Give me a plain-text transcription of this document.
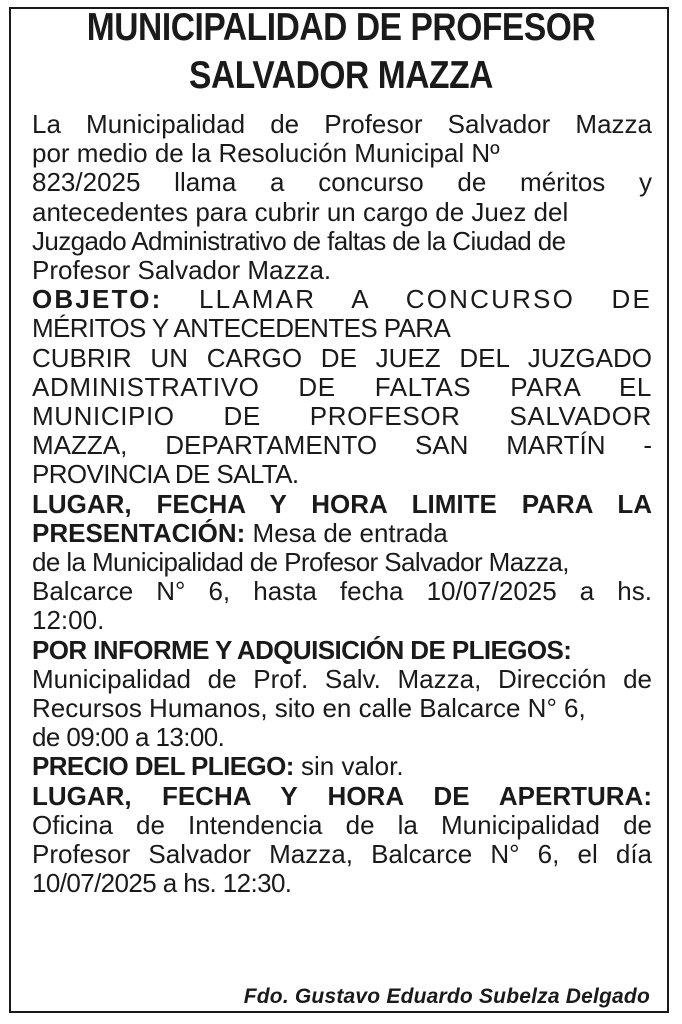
MUNICIPALIDAD DE PROFESOR
SALVADOR MAZZA

La Municipalidad de Profesor Salvador Mazza

por medio de la Resolución Municipal Nº

823/2025 llama a concurso de méritos y

antecedentes para cubrir un cargo de Juez del

Juzgado Administrativo de faltas de la Ciudad de

Profesor Salvador Mazza.

OBJETO: LLAMAR A CONCURSO DE

MÉRITOS Y ANTECEDENTES PARA

CUBRIR UN CARGO DE JUEZ DEL JUZGADO

ADMINISTRATIVO DE FALTAS PARA EL

MUNICIPIO DE PROFESOR SALVADOR

MAZZA, DEPARTAMENTO SAN MARTÍN -

PROVINCIA DE SALTA.

LUGAR, FECHA Y HORA LIMITE PARA LA

PRESENTACIÓN: Mesa de entrada

de la Municipalidad de Profesor Salvador Mazza,

Balcarce N° 6, hasta fecha 10/07/2025 a hs.

12:00.

POR INFORME Y ADQUISICIÓN DE PLIEGOS:

Municipalidad de Prof. Salv. Mazza, Dirección de

Recursos Humanos, sito en calle Balcarce N° 6,

de 09:00 a 13:00.

PRECIO DEL PLIEGO: sin valor.

LUGAR, FECHA Y HORA DE APERTURA:

Oficina de Intendencia de la Municipalidad de

Profesor Salvador Mazza, Balcarce N° 6, el día

10/07/2025 a hs. 12:30.

Fdo. Gustavo Eduardo Subelza Delgado
